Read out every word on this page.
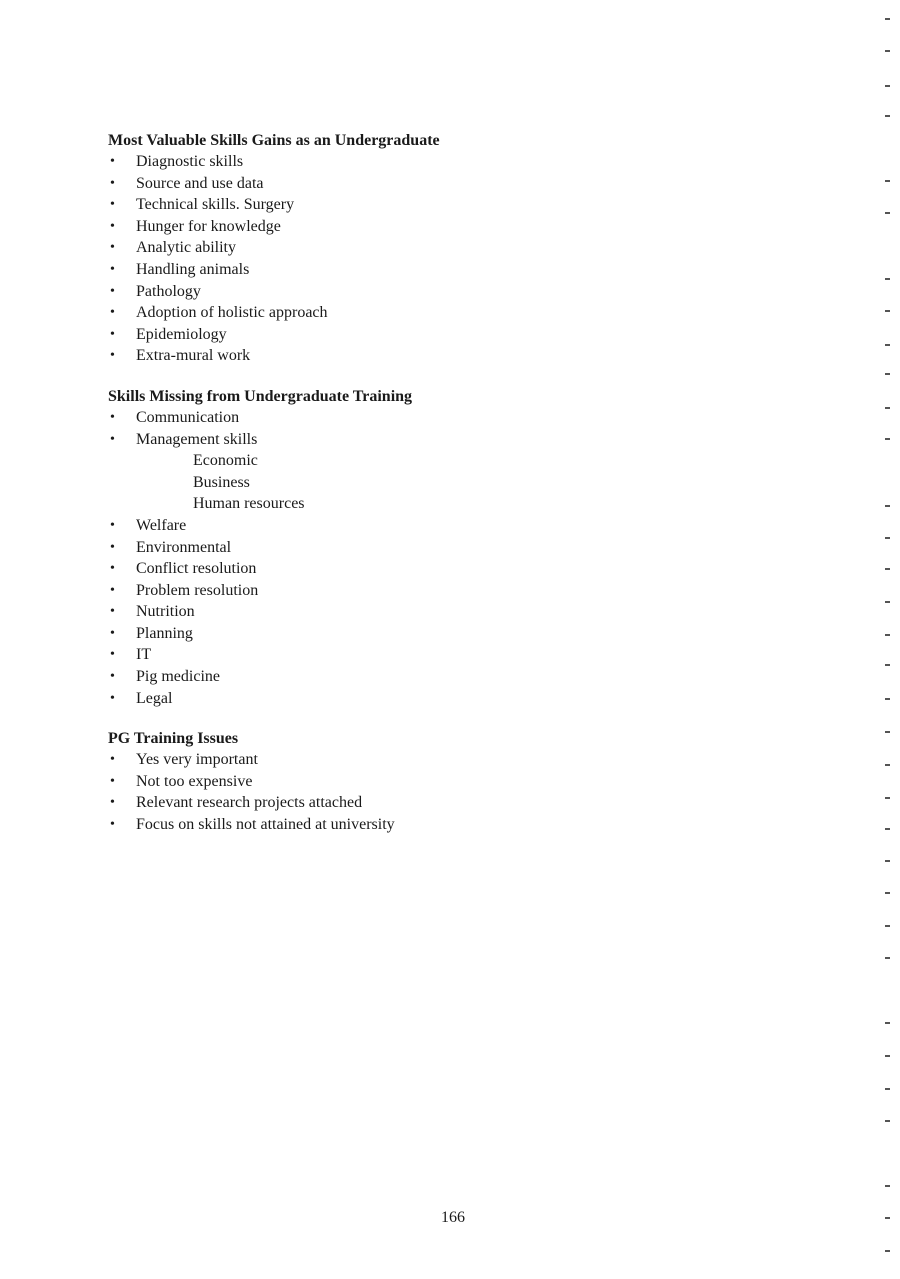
Most Valuable Skills Gains as an Undergraduate
• Diagnostic skills
• Source and use data
• Technical skills. Surgery
• Hunger for knowledge
• Analytic ability
• Handling animals
• Pathology
• Adoption of holistic approach
• Epidemiology
• Extra-mural work
Skills Missing from Undergraduate Training
• Communication
• Management skills
Economic
Business
Human resources
• Welfare
• Environmental
• Conflict resolution
• Problem resolution
• Nutrition
• Planning
• IT
• Pig medicine
• Legal
PG Training Issues
• Yes very important
• Not too expensive
• Relevant research projects attached
• Focus on skills not attained at university
166
